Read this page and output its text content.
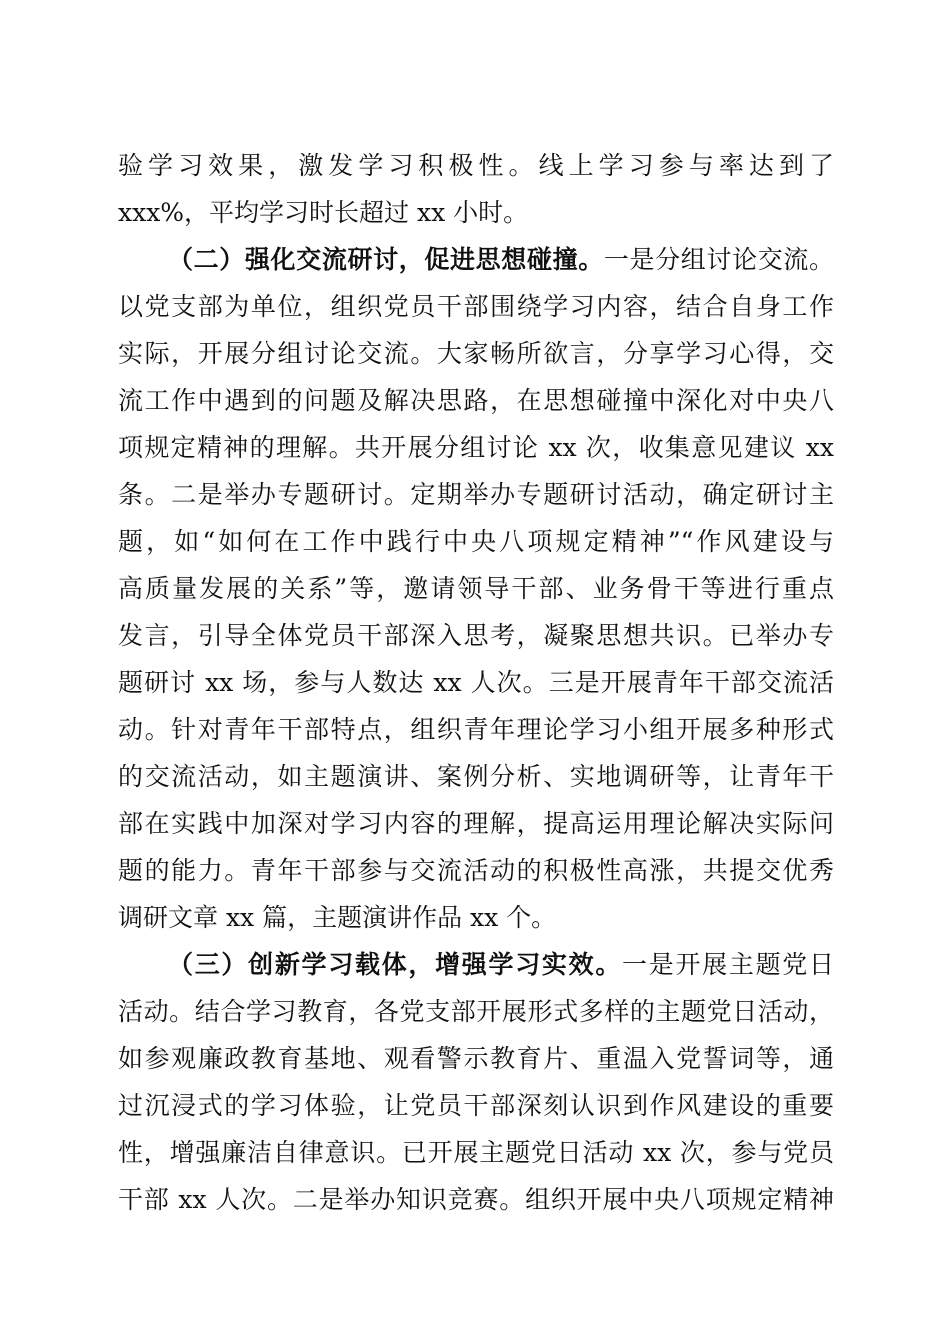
验学习效果，激发学习积极性。线上学习参与率达到了
xxx%，平均学习时长超过 xx 小时。
（二）强化交流研讨，促进思想碰撞。一是分组讨论交流。
以党支部为单位，组织党员干部围绕学习内容，结合自身工作
实际，开展分组讨论交流。大家畅所欲言，分享学习心得，交
流工作中遇到的问题及解决思路，在思想碰撞中深化对中央八
项规定精神的理解。共开展分组讨论 xx 次，收集意见建议 xx
条。二是举办专题研讨。定期举办专题研讨活动，确定研讨主
题，如“如何在工作中践行中央八项规定精神”“作风建设与
高质量发展的关系”等，邀请领导干部、业务骨干等进行重点
发言，引导全体党员干部深入思考，凝聚思想共识。已举办专
题研讨 xx 场，参与人数达 xx 人次。三是开展青年干部交流活
动。针对青年干部特点，组织青年理论学习小组开展多种形式
的交流活动，如主题演讲、案例分析、实地调研等，让青年干
部在实践中加深对学习内容的理解，提高运用理论解决实际问
题的能力。青年干部参与交流活动的积极性高涨，共提交优秀
调研文章 xx 篇，主题演讲作品 xx 个。
（三）创新学习载体，增强学习实效。一是开展主题党日
活动。结合学习教育，各党支部开展形式多样的主题党日活动，
如参观廉政教育基地、观看警示教育片、重温入党誓词等，通
过沉浸式的学习体验，让党员干部深刻认识到作风建设的重要
性，增强廉洁自律意识。已开展主题党日活动 xx 次，参与党员
干部 xx 人次。二是举办知识竞赛。组织开展中央八项规定精神
